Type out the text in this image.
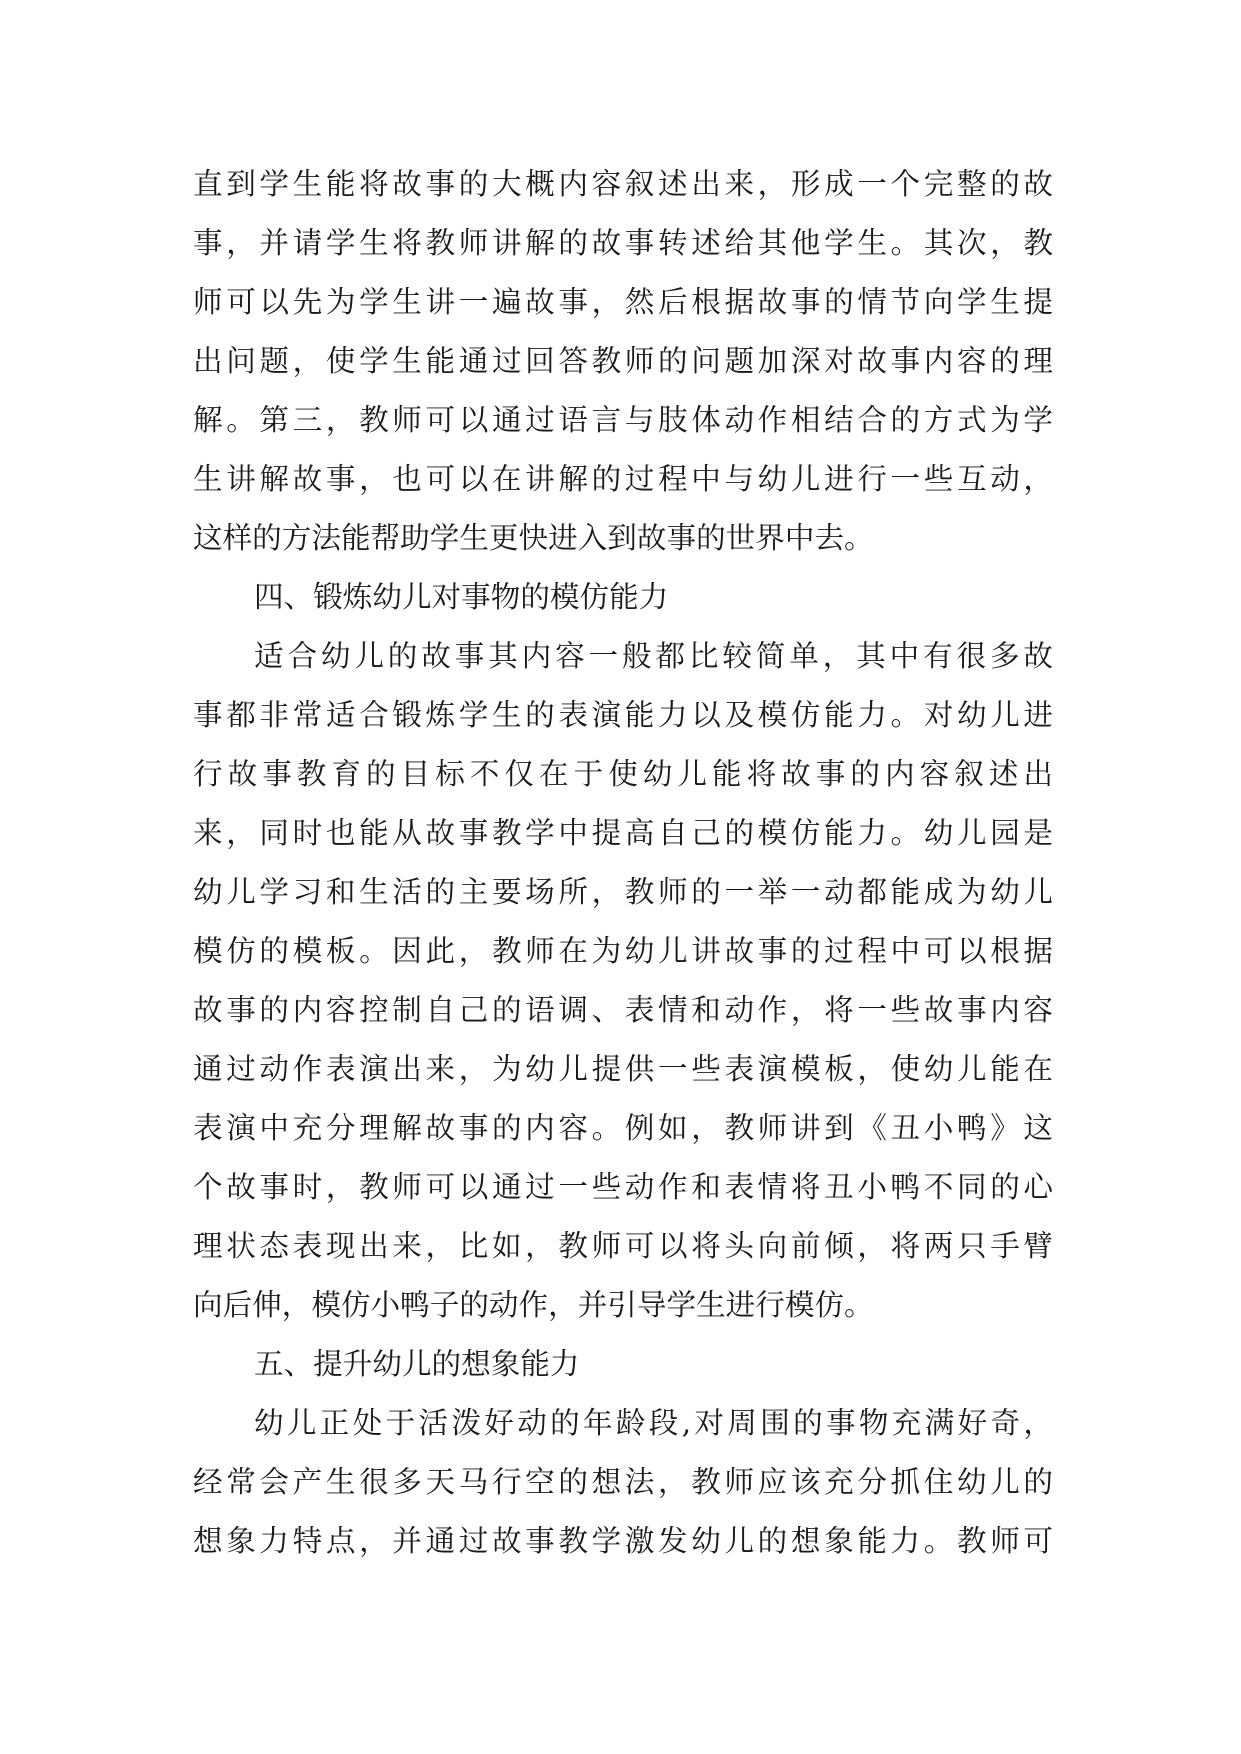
直到学生能将故事的大概内容叙述出来，形成一个完整的故
事，并请学生将教师讲解的故事转述给其他学生。其次，教
师可以先为学生讲一遍故事，然后根据故事的情节向学生提
出问题，使学生能通过回答教师的问题加深对故事内容的理
解。第三，教师可以通过语言与肢体动作相结合的方式为学
生讲解故事，也可以在讲解的过程中与幼儿进行一些互动，
这样的方法能帮助学生更快进入到故事的世界中去。
四、锻炼幼儿对事物的模仿能力
适合幼儿的故事其内容一般都比较简单，其中有很多故
事都非常适合锻炼学生的表演能力以及模仿能力。对幼儿进
行故事教育的目标不仅在于使幼儿能将故事的内容叙述出
来，同时也能从故事教学中提高自己的模仿能力。幼儿园是
幼儿学习和生活的主要场所，教师的一举一动都能成为幼儿
模仿的模板。因此，教师在为幼儿讲故事的过程中可以根据
故事的内容控制自己的语调、表情和动作，将一些故事内容
通过动作表演出来，为幼儿提供一些表演模板，使幼儿能在
表演中充分理解故事的内容。例如，教师讲到《丑小鸭》这
个故事时，教师可以通过一些动作和表情将丑小鸭不同的心
理状态表现出来，比如，教师可以将头向前倾，将两只手臂
向后伸，模仿小鸭子的动作，并引导学生进行模仿。
五、提升幼儿的想象能力
幼儿正处于活泼好动的年龄段,对周围的事物充满好奇，
经常会产生很多天马行空的想法，教师应该充分抓住幼儿的
想象力特点，并通过故事教学激发幼儿的想象能力。教师可
